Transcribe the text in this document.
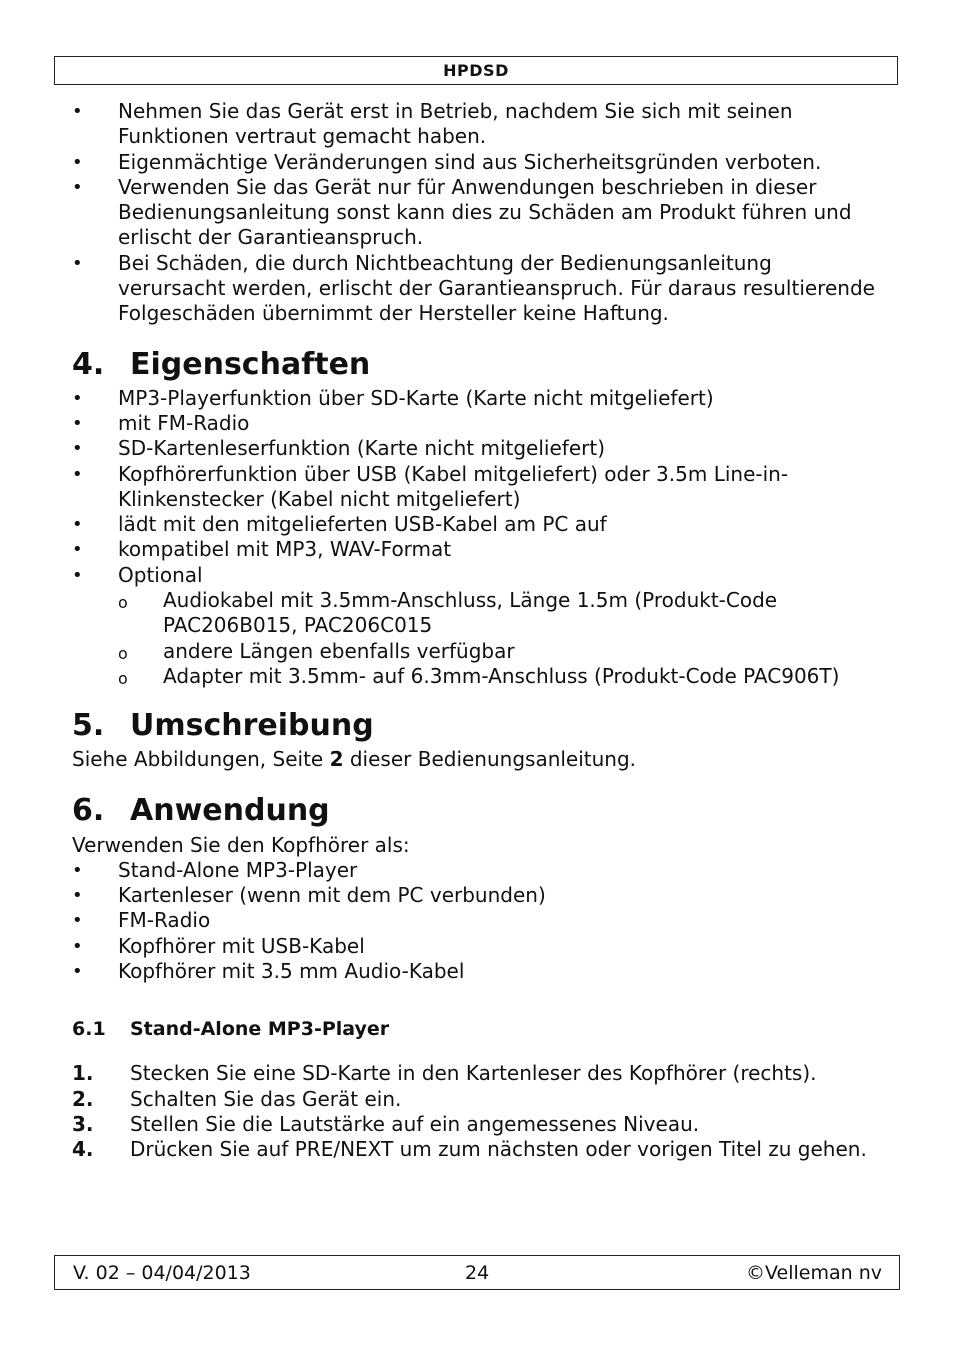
HPDSD
• Nehmen Sie das Gerät erst in Betrieb, nachdem Sie sich mit seinen Funktionen vertraut gemacht haben.
• Eigenmächtige Veränderungen sind aus Sicherheitsgründen verboten.
• Verwenden Sie das Gerät nur für Anwendungen beschrieben in dieser Bedienungsanleitung sonst kann dies zu Schäden am Produkt führen und erlischt der Garantieanspruch.
• Bei Schäden, die durch Nichtbeachtung der Bedienungsanleitung verursacht werden, erlischt der Garantieanspruch. Für daraus resultierende Folgeschäden übernimmt der Hersteller keine Haftung.
4. Eigenschaften
• MP3-Playerfunktion über SD-Karte (Karte nicht mitgeliefert)
• mit FM-Radio
• SD-Kartenleserfunktion (Karte nicht mitgeliefert)
• Kopfhörerfunktion über USB (Kabel mitgeliefert) oder 3.5m Line-in-Klinkenstecker (Kabel nicht mitgeliefert)
• lädt mit den mitgelieferten USB-Kabel am PC auf
• kompatibel mit MP3, WAV-Format
• Optional
o Audiokabel mit 3.5mm-Anschluss, Länge 1.5m (Produkt-Code PAC206B015, PAC206C015
o andere Längen ebenfalls verfügbar
o Adapter mit 3.5mm- auf 6.3mm-Anschluss (Produkt-Code PAC906T)
5. Umschreibung
Siehe Abbildungen, Seite 2 dieser Bedienungsanleitung.
6. Anwendung
Verwenden Sie den Kopfhörer als:
• Stand-Alone MP3-Player
• Kartenleser (wenn mit dem PC verbunden)
• FM-Radio
• Kopfhörer mit USB-Kabel
• Kopfhörer mit 3.5 mm Audio-Kabel
6.1	Stand-Alone MP3-Player
1. Stecken Sie eine SD-Karte in den Kartenleser des Kopfhörer (rechts).
2. Schalten Sie das Gerät ein.
3. Stellen Sie die Lautstärke auf ein angemessenes Niveau.
4. Drücken Sie auf PRE/NEXT um zum nächsten oder vorigen Titel zu gehen.
V. 02 – 04/04/2013	24	©Velleman nv
